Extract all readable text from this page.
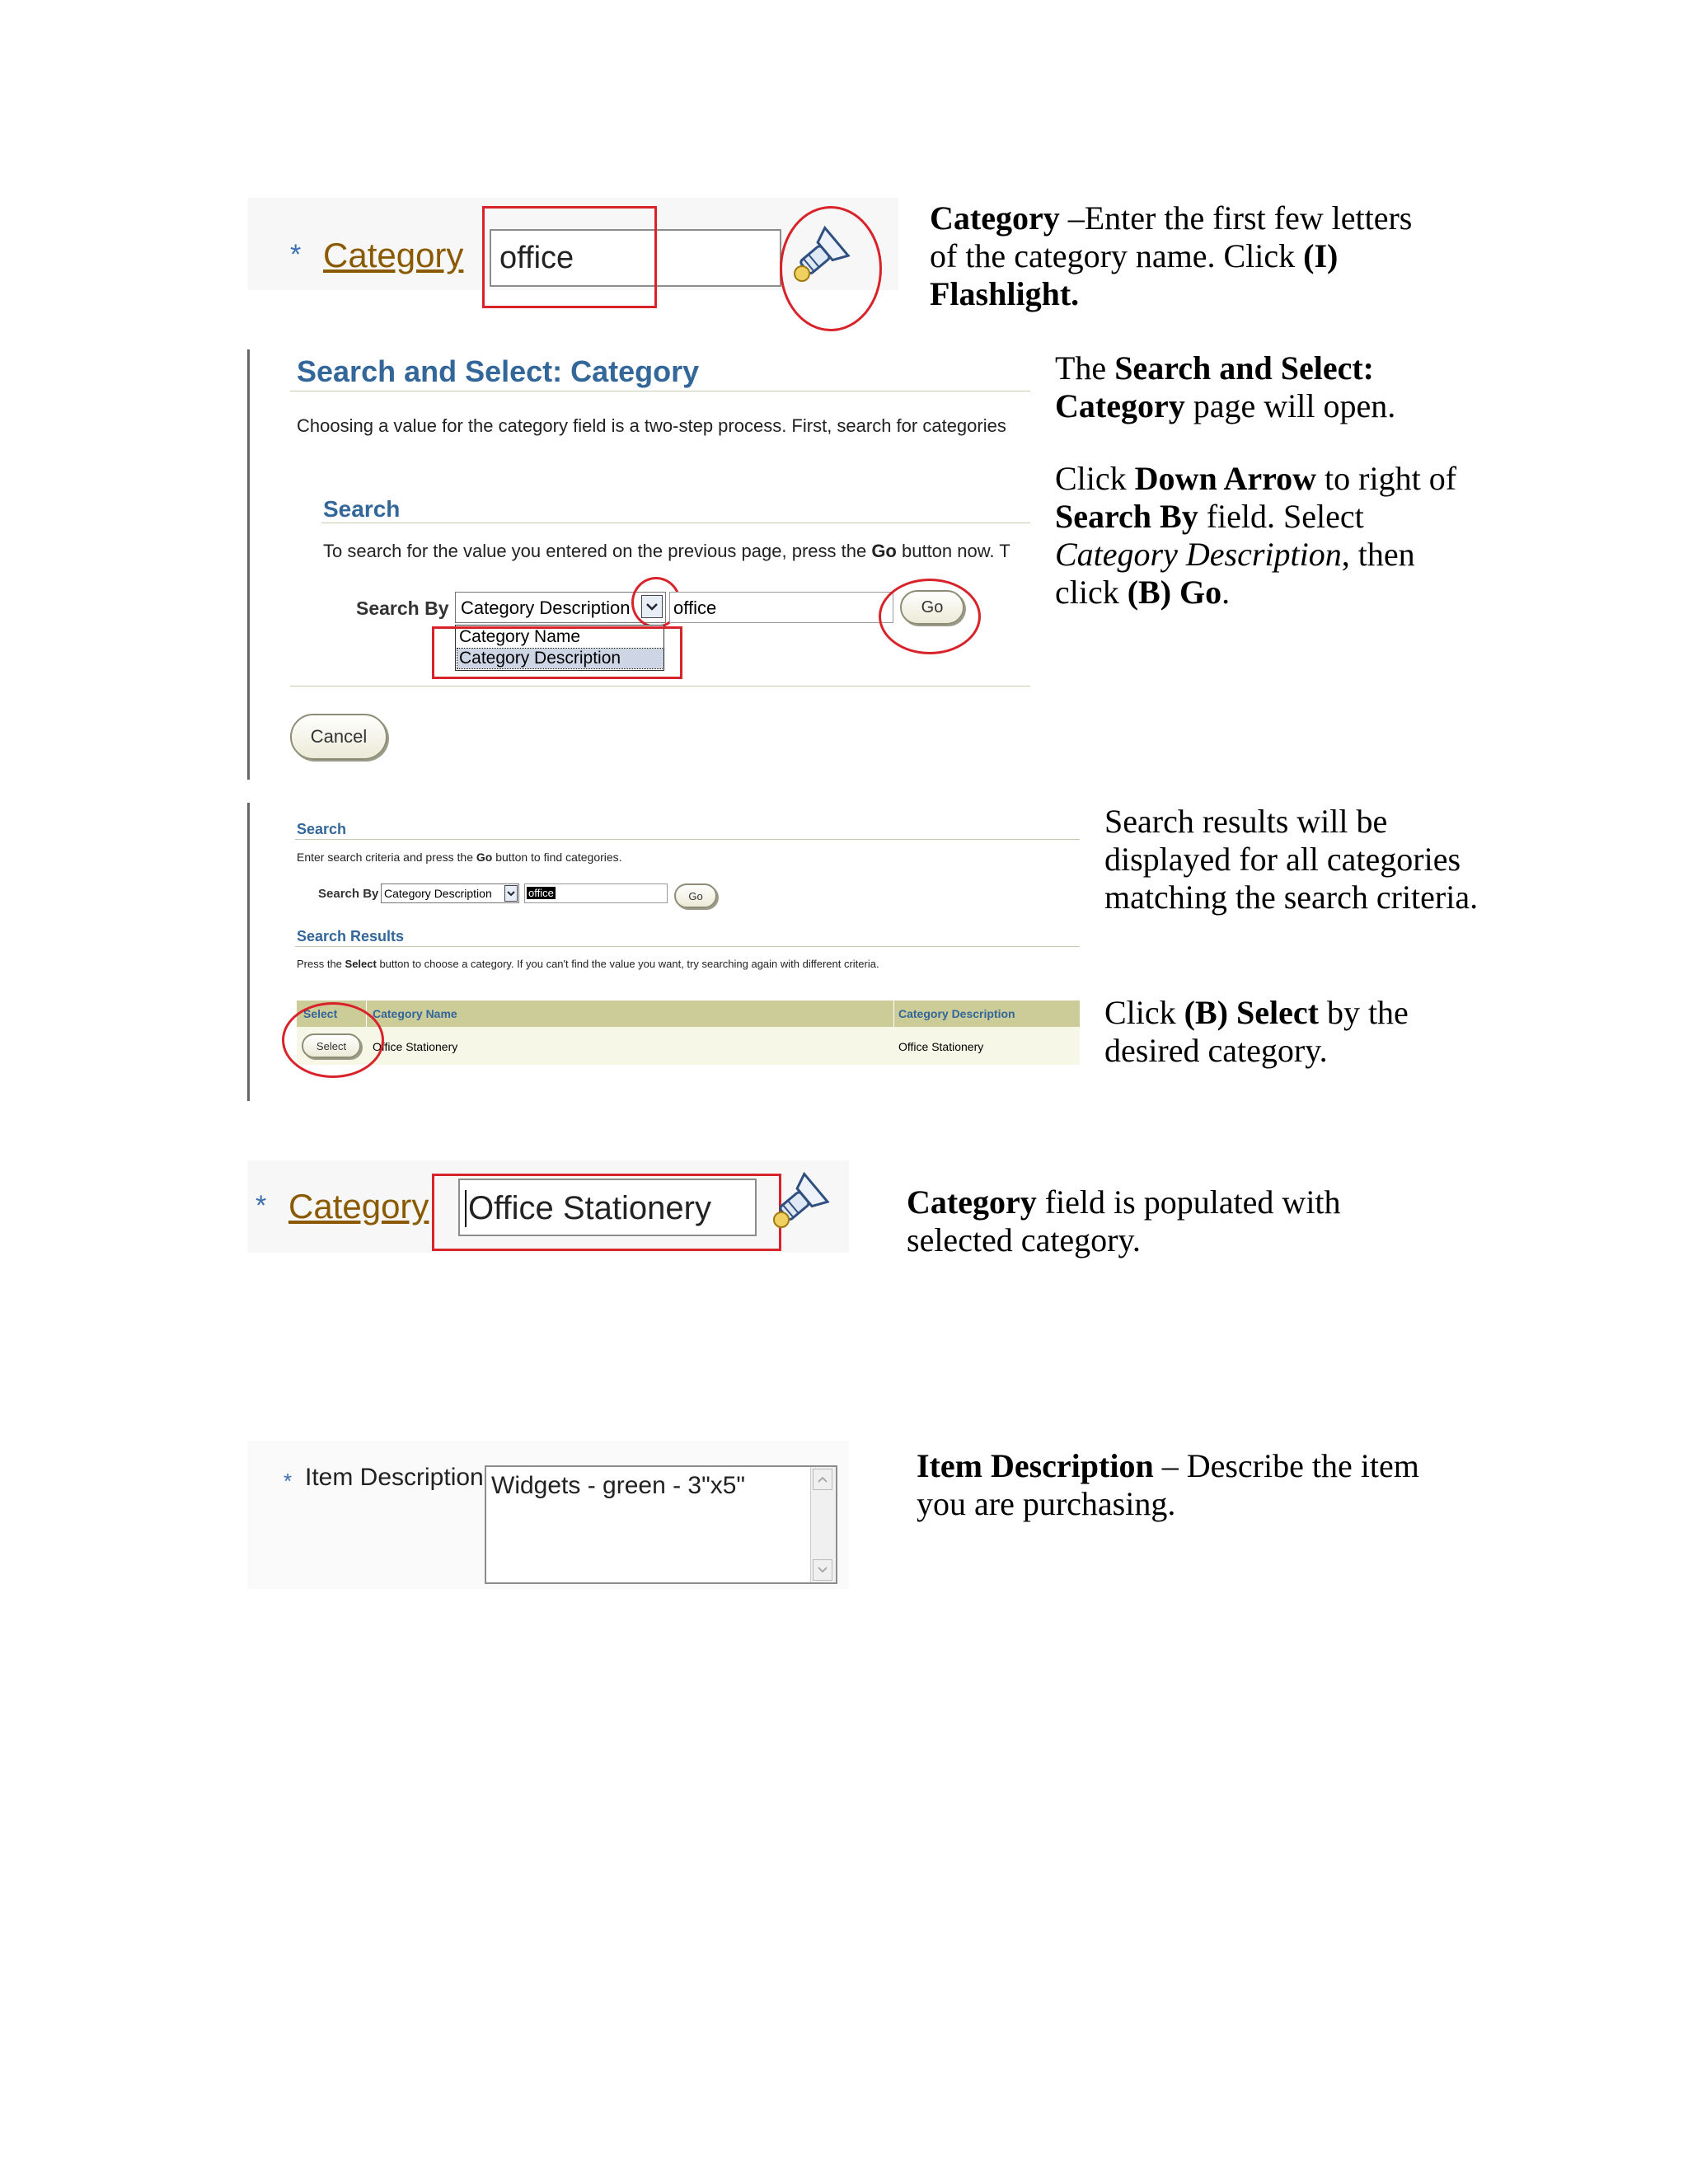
* Category office

Category –Enter the first few letters of the category name. Click (I) Flashlight.

Search and Select: Category
Choosing a value for the category field is a two-step process. First, search for categories
Search
To search for the value you entered on the previous page, press the Go button now. T
Search By Category Description office	Go
Category Name
Category Description
Cancel

The Search and Select: Category page will open.

Click Down Arrow to right of Search By field. Select Category Description, then click (B) Go.

Search
Enter search criteria and press the Go button to find categories.
Search By Category Description	office	Go
Search Results
Press the Select button to choose a category. If you can't find the value you want, try searching again with different criteria.
Select	Category Name	Category Description
Select	Office Stationery	Office Stationery

Search results will be displayed for all categories matching the search criteria.

Click (B) Select by the desired category.

* Category Office Stationery	Category field is populated with selected category.

* Item Description Widgets - green - 3"x5"

Item Description – Describe the item you are purchasing.
